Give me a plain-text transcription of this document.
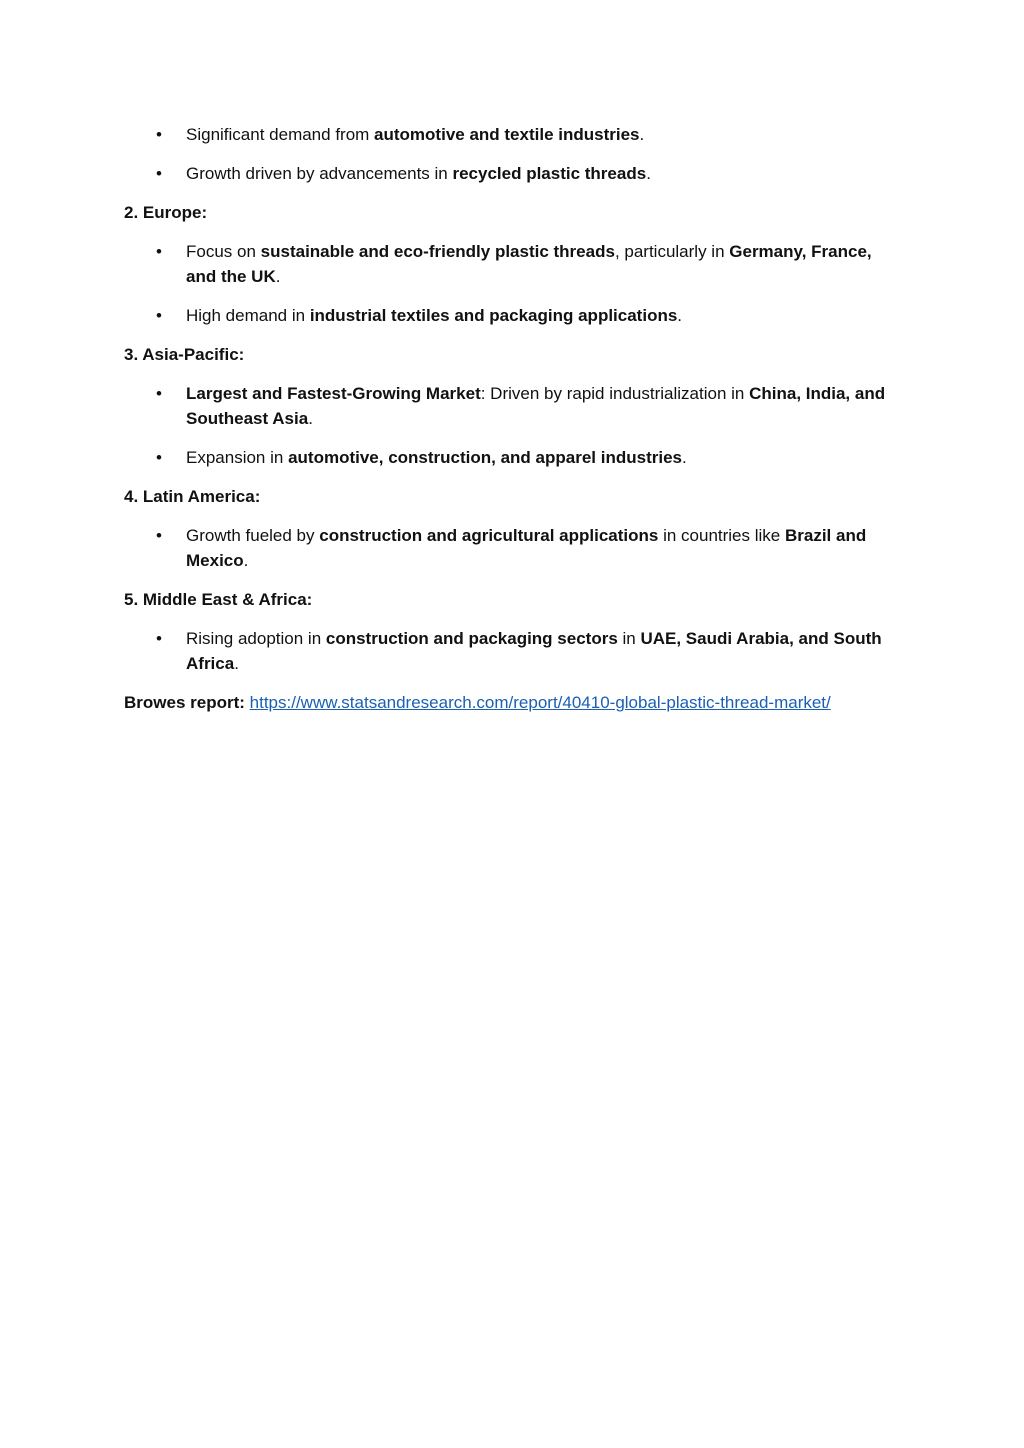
• Significant demand from automotive and textile industries.
• Growth driven by advancements in recycled plastic threads.
2. Europe:
• Focus on sustainable and eco-friendly plastic threads, particularly in Germany, France, and the UK.
• High demand in industrial textiles and packaging applications.
3. Asia-Pacific:
• Largest and Fastest-Growing Market: Driven by rapid industrialization in China, India, and Southeast Asia.
• Expansion in automotive, construction, and apparel industries.
4. Latin America:
• Growth fueled by construction and agricultural applications in countries like Brazil and Mexico.
5. Middle East & Africa:
• Rising adoption in construction and packaging sectors in UAE, Saudi Arabia, and South Africa.

Browes report: https://www.statsandresearch.com/report/40410-global-plastic-thread-market/
